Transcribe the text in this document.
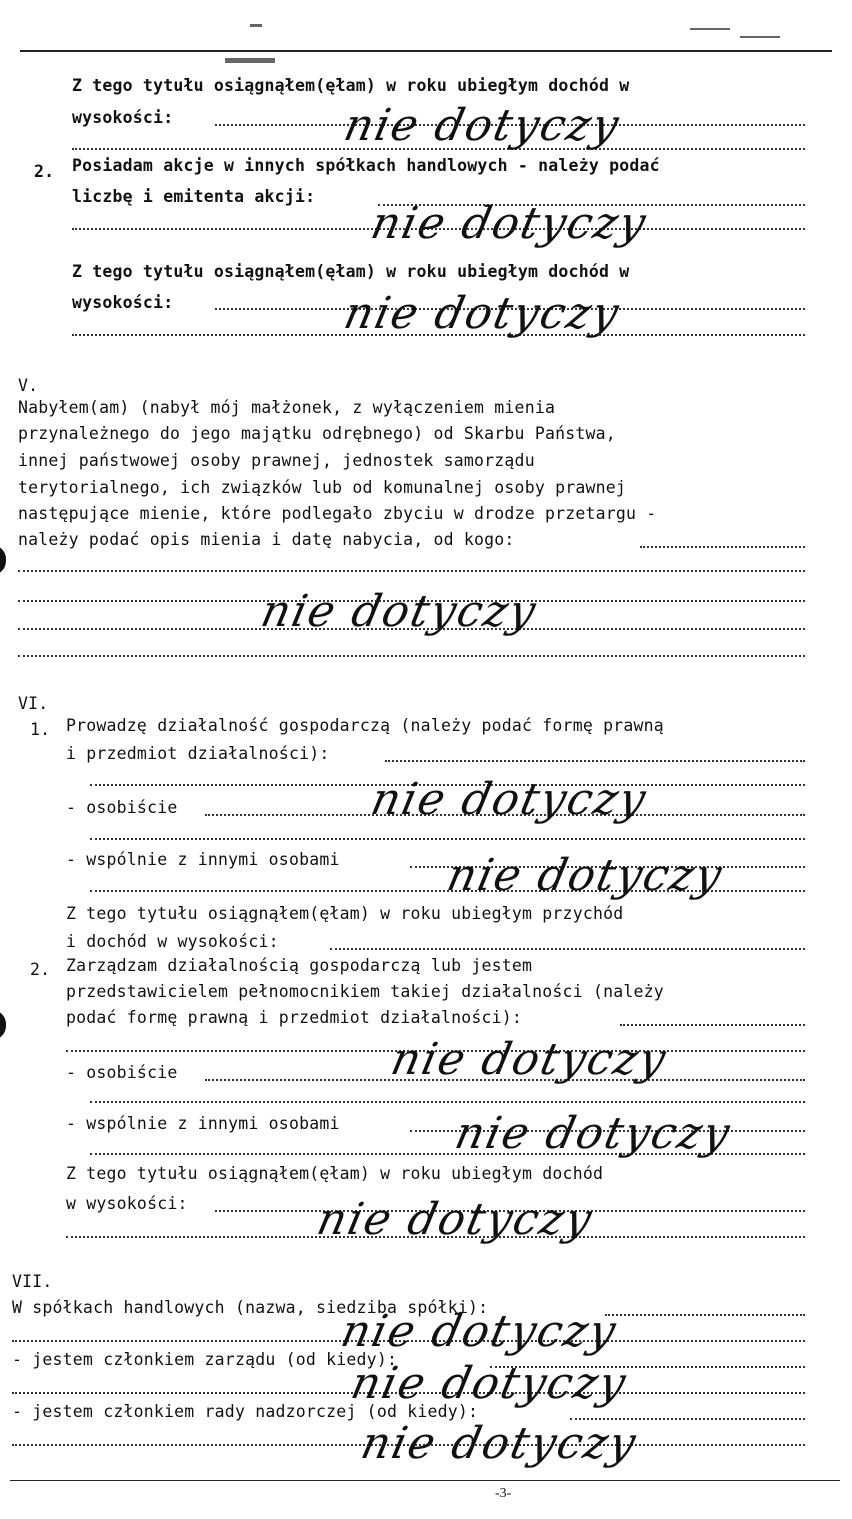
Z tego tytułu osiągnąłem(ęłam) w roku ubiegłym dochód w
wysokości:	nie dotyczy
2. Posiadam akcje w innych spółkach handlowych - należy podać
liczbę i emitenta akcji:
nie dotyczy
Z tego tytułu osiągnąłem(ęłam) w roku ubiegłym dochód w
wysokości:	nie dotyczy
V.
Nabyłem(am) (nabył mój małżonek, z wyłączeniem mienia
przynależnego do jego majątku odrębnego) od Skarbu Państwa,
innej państwowej osoby prawnej, jednostek samorządu
terytorialnego, ich związków lub od komunalnej osoby prawnej
następujące mienie, które podlegało zbyciu w drodze przetargu -
należy podać opis mienia i datę nabycia, od kogo:
nie dotyczy
VI.
1. Prowadzę działalność gospodarczą (należy podać formę prawną
i przedmiot działalności):
- osobiście	nie dotyczy
- wspólnie z innymi osobami nie dotyczy
Z tego tytułu osiągnąłem(ęłam) w roku ubiegłym przychód
i dochód w wysokości:
2. Zarządzam działalnością gospodarczą lub jestem
przedstawicielem pełnomocnikiem takiej działalności (należy
podać formę prawną i przedmiot działalności):
- osobiście	nie dotyczy
- wspólnie z innymi osobami	nie dotyczy
Z tego tytułu osiągnąłem(ęłam) w roku ubiegłym dochód
w wysokości:	nie dotyczy
VII.
W spółkach handlowych (nazwa, siedziba spółki):
nie dotyczy
- jestem członkiem zarządu (od kiedy):
nie dotyczy
- jestem członkiem rady nadzorczej (od kiedy):
nie dotyczy
-3-
